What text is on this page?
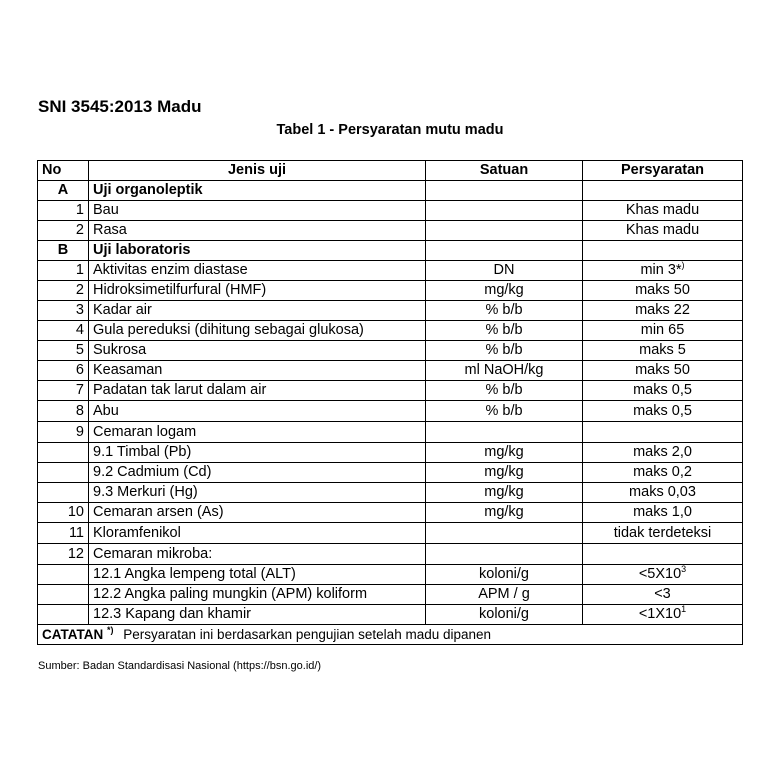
SNI 3545:2013 Madu
Tabel 1 - Persyaratan mutu madu
No	Jenis uji	Satuan	Persyaratan
A	Uji organoleptik		
1	Bau		Khas madu
2	Rasa		Khas madu
B	Uji laboratoris		
1	Aktivitas enzim diastase	DN	min 3*)
2	Hidroksimetilfurfural (HMF)	mg/kg	maks 50
3	Kadar air	% b/b	maks 22
4	Gula pereduksi (dihitung sebagai glukosa)	% b/b	min 65
5	Sukrosa	% b/b	maks 5
6	Keasaman	ml NaOH/kg	maks 50
7	Padatan tak larut dalam air	% b/b	maks 0,5
8	Abu	% b/b	maks 0,5
9	Cemaran logam		
	9.1 Timbal (Pb)	mg/kg	maks 2,0
	9.2 Cadmium (Cd)	mg/kg	maks 0,2
	9.3 Merkuri (Hg)	mg/kg	maks 0,03
10	Cemaran arsen (As)	mg/kg	maks 1,0
11	Kloramfenikol		tidak terdeteksi
12	Cemaran mikroba:		
	12.1 Angka lempeng total (ALT)	koloni/g	$<5X10^3$
	12.2 Angka paling mungkin (APM) koliform	APM / g	<3
	12.3 Kapang dan khamir	koloni/g	$<1X10^1$
CATATAN *) Persyaratan ini berdasarkan pengujian setelah madu dipanen			
Sumber: Badan Standardisasi Nasional (https://bsn.go.id/)
